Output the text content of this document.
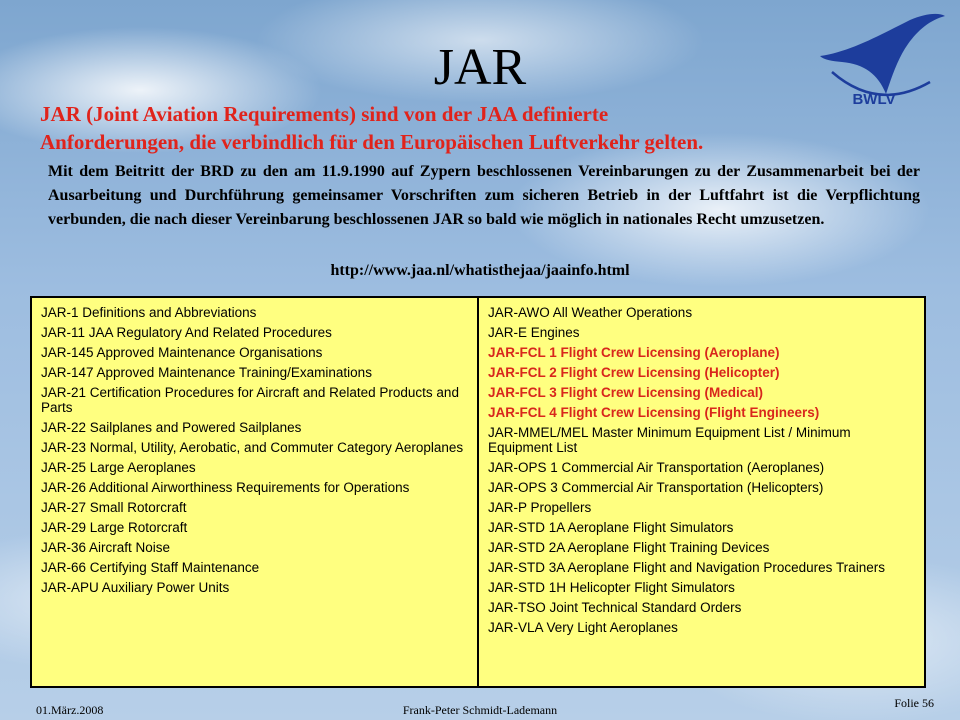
JAR
BWLV
JAR (Joint Aviation Requirements) sind von der JAA definierte
Anforderungen, die verbindlich für den Europäischen Luftverkehr gelten.

Mit dem Beitritt der BRD zu den am 11.9.1990 auf Zypern beschlossenen Vereinbarungen zu der Zusammenarbeit bei der Ausarbeitung und Durchführung gemeinsamer Vorschriften zum sicheren Betrieb in der Luftfahrt ist die Verpflichtung verbunden, die nach dieser Vereinbarung beschlossenen JAR so bald wie möglich in nationales Recht umzusetzen.

http://www.jaa.nl/whatisthejaa/jaainfo.html

JAR-1 Definitions and Abbreviations

JAR-11 JAA Regulatory And Related Procedures

JAR-145 Approved Maintenance Organisations

JAR-147 Approved Maintenance Training/Examinations

JAR-21 Certification Procedures for Aircraft and Related Products and Parts

JAR-22 Sailplanes and Powered Sailplanes

JAR-23 Normal, Utility, Aerobatic, and Commuter Category Aeroplanes

JAR-25 Large Aeroplanes

JAR-26 Additional Airworthiness Requirements for Operations

JAR-27 Small Rotorcraft

JAR-29 Large Rotorcraft

JAR-36 Aircraft Noise

JAR-66 Certifying Staff Maintenance

JAR-APU Auxiliary Power Units

JAR-AWO All Weather Operations

JAR-E Engines

JAR-FCL 1 Flight Crew Licensing (Aeroplane)

JAR-FCL 2 Flight Crew Licensing (Helicopter)

JAR-FCL 3 Flight Crew Licensing (Medical)

JAR-FCL 4 Flight Crew Licensing (Flight Engineers)

JAR-MMEL/MEL Master Minimum Equipment List / Minimum Equipment List

JAR-OPS 1 Commercial Air Transportation (Aeroplanes)

JAR-OPS 3 Commercial Air Transportation (Helicopters)

JAR-P Propellers

JAR-STD 1A Aeroplane Flight Simulators

JAR-STD 2A Aeroplane Flight Training Devices

JAR-STD 3A Aeroplane Flight and Navigation Procedures Trainers

JAR-STD 1H Helicopter Flight Simulators

JAR-TSO Joint Technical Standard Orders

JAR-VLA Very Light Aeroplanes

01.März.2008	Frank-Peter Schmidt-Lademann	Folie 56
